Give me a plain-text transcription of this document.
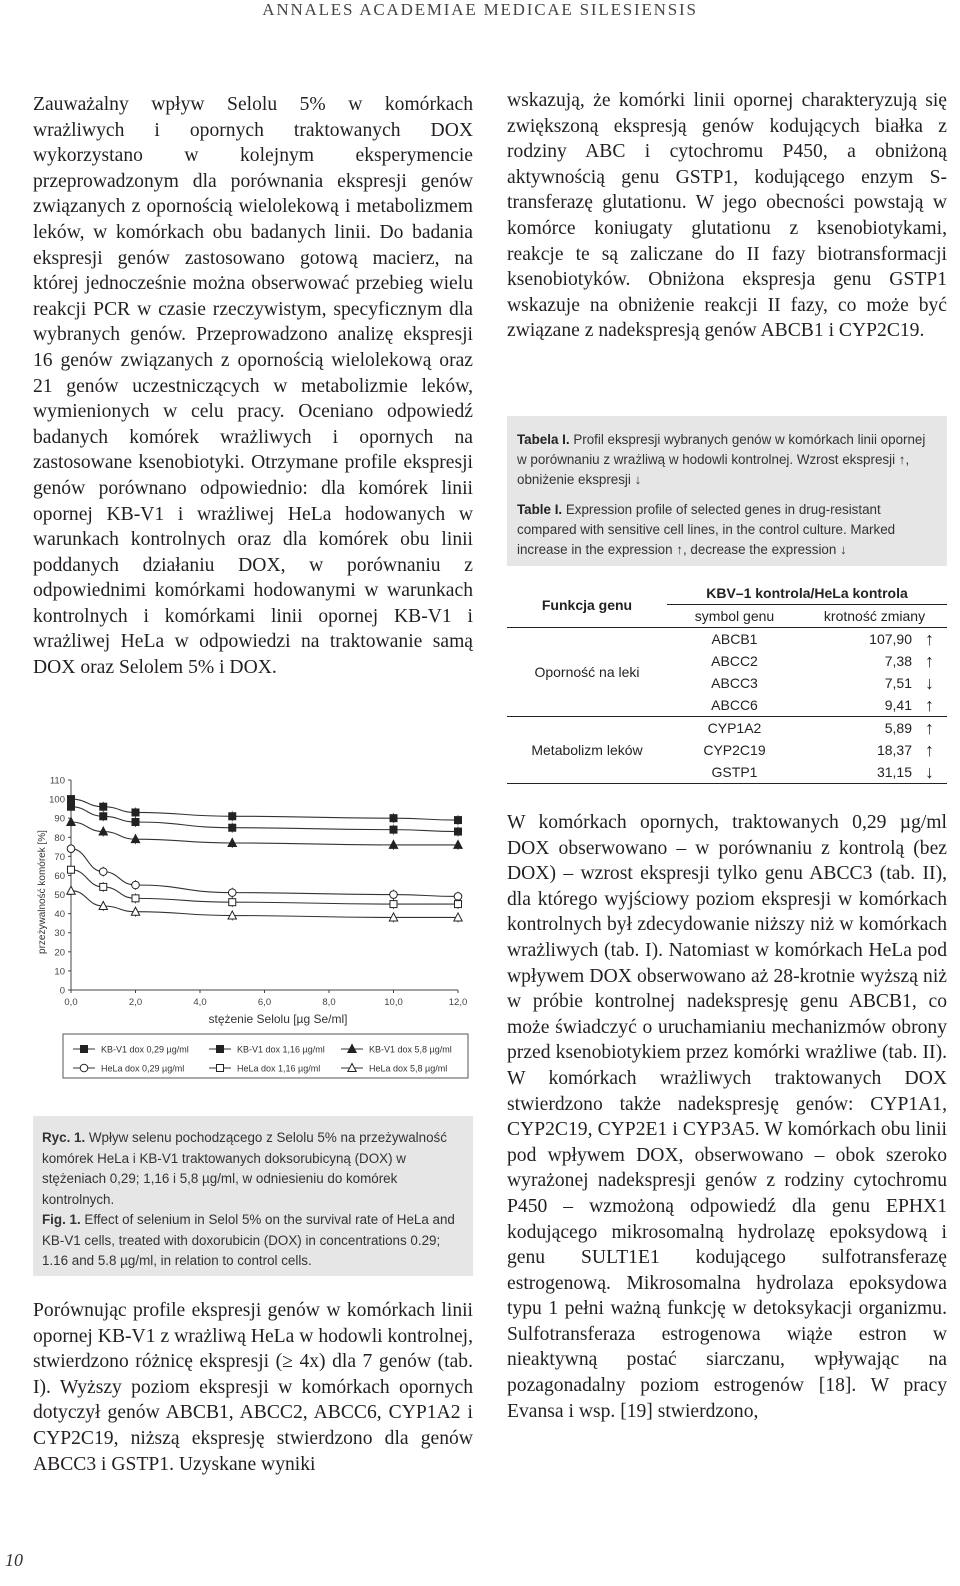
ANNALES ACADEMIAE MEDICAE SILESIENSIS

Zauważalny wpływ Selolu 5% w komórkach wrażliwych i opornych traktowanych DOX wykorzystano w kolejnym eksperymencie przeprowadzonym dla porównania ekspresji genów związanych z opornością wielolekową i metabolizmem leków, w komórkach obu badanych linii. Do badania ekspresji genów zastosowano gotową macierz, na której jednocześnie można obserwować przebieg wielu reakcji PCR w czasie rzeczywistym, specyficznym dla wybranych genów. Przeprowadzono analizę ekspresji 16 genów związanych z opornością wielolekową oraz 21 genów uczestniczących w metabolizmie leków, wymienionych w celu pracy. Oceniano odpowiedź badanych komórek wrażliwych i opornych na zastosowane ksenobiotyki. Otrzymane profile ekspresji genów porównano odpowiednio: dla komórek linii opornej KB-V1 i wrażliwej HeLa hodowanych w warunkach kontrolnych oraz dla komórek obu linii poddanych działaniu DOX, w porównaniu z odpowiednimi komórkami hodowanymi w warunkach kontrolnych i komórkami linii opornej KB-V1 i wrażliwej HeLa w odpowiedzi na traktowanie samą DOX oraz Selolem 5% i DOX.

Porównując profile ekspresji genów w komórkach linii opornej KB-V1 z wrażliwą HeLa w hodowli kontrolnej, stwierdzono różnicę ekspresji (≥ 4x) dla 7 genów (tab. I). Wyższy poziom ekspresji w komórkach opornych dotyczył genów ABCB1, ABCC2, ABCC6, CYP1A2 i CYP2C19, niższą ekspresję stwierdzono dla genów ABCC3 i GSTP1. Uzyskane wyniki

wskazują, że komórki linii opornej charakteryzują się zwiększoną ekspresją genów kodujących białka z rodziny ABC i cytochromu P450, a obniżoną aktywnością genu GSTP1, kodującego enzym S-transferazę glutationu. W jego obecności powstają w komórce koniugaty glutationu z ksenobiotykami, reakcje te są zaliczane do II fazy biotransformacji ksenobiotyków. Obniżona ekspresja genu GSTP1 wskazuje na obniżenie reakcji II fazy, co może być związane z nadekspresją genów ABCB1 i CYP2C19.

Tabela I. Profil ekspresji wybranych genów w komórkach linii opornej w porównaniu z wrażliwą w hodowli kontrolnej. Wzrost ekspresji ↑, obniżenie ekspresji ↓

Table I. Expression profile of selected genes in drug-resistant compared with sensitive cell lines, in the control culture. Marked increase in the expression ↑, decrease the expression ↓

Funkcja genu	KBV–1 kontrola/HeLa kontrola		
	symbol genu	krotność zmiany	
Oporność na leki	ABCB1	107,90	↑
	ABCC2	7,38	↑
	ABCC3	7,51	↓
	ABCC6	9,41	↑
Metabolizm leków	CYP1A2	5,89	↑
	CYP2C19	18,37	↑
	GSTP1	31,15	↓
0
10
20
30
40
50
60
70
80
90
100
110
0,0	2,0	4,0	6,0	8,0	10,0	12,0
stężenie Selolu [µg Se/ml]
przeżywalność komórek [%]
KB-V1 dox 0,29 µg/ml	KB-V1 dox 1,16 µg/ml	KB-V1 dox 5,8 µg/ml
HeLa dox 0,29 µg/ml	HeLa dox 1,16 µg/ml	HeLa dox 5,8 µg/ml

Ryc. 1. Wpływ selenu pochodzącego z Selolu 5% na przeżywalność komórek HeLa i KB-V1 traktowanych doksorubicyną (DOX) w stężeniach 0,29; 1,16 i 5,8 µg/ml, w odniesieniu do komórek kontrolnych.

Fig. 1. Effect of selenium in Selol 5% on the survival rate of HeLa and KB-V1 cells, treated with doxorubicin (DOX) in concentrations 0.29; 1.16 and 5.8 µg/ml, in relation to control cells.

W komórkach opornych, traktowanych 0,29 µg/ml DOX obserwowano – w porównaniu z kontrolą (bez DOX) – wzrost ekspresji tylko genu ABCC3 (tab. II), dla którego wyjściowy poziom ekspresji w komórkach kontrolnych był zdecydowanie niższy niż w komórkach wrażliwych (tab. I). Natomiast w komórkach HeLa pod wpływem DOX obserwowano aż 28-krotnie wyższą niż w próbie kontrolnej nadekspresję genu ABCB1, co może świadczyć o uruchamianiu mechanizmów obrony przed ksenobiotykiem przez komórki wrażliwe (tab. II). W komórkach wrażliwych traktowanych DOX stwierdzono także nadekspresję genów: CYP1A1, CYP2C19, CYP2E1 i CYP3A5. W komórkach obu linii pod wpływem DOX, obserwowano – obok szeroko wyrażonej nadekspresji genów z rodziny cytochromu P450 – wzmożoną odpowiedź dla genu EPHX1 kodującego mikrosomalną hydrolazę epoksydową i genu SULT1E1 kodującego sulfotransferazę estrogenową. Mikrosomalna hydrolaza epoksydowa typu 1 pełni ważną funkcję w detoksykacji organizmu. Sulfotransferaza estrogenowa wiąże estron w nieaktywną postać siarczanu, wpływając na pozagonadalny poziom estrogenów [18]. W pracy Evansa i wsp. [19] stwierdzono,

10
